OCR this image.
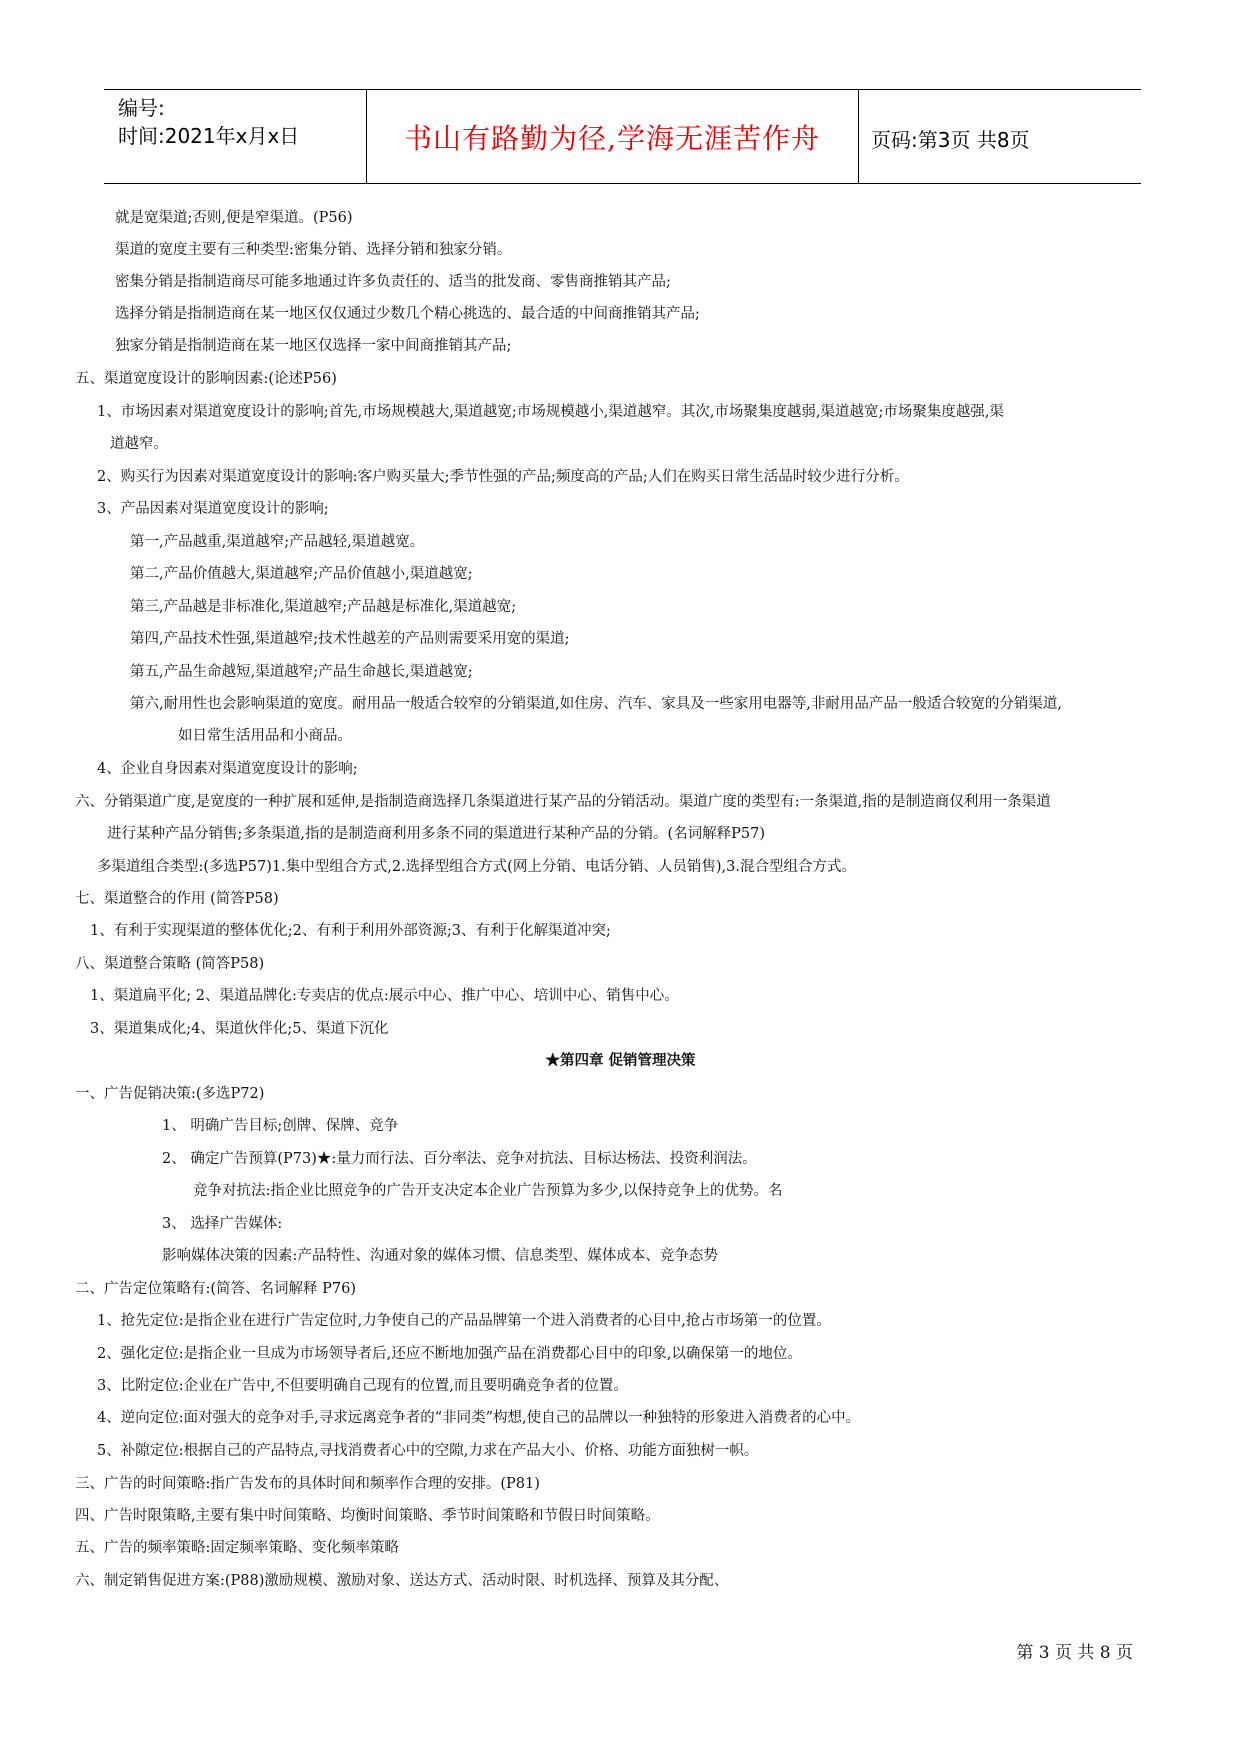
编号:
时间:2021年x月x日	书山有路勤为径,学海无涯苦作舟	页码:第3页 共8页
就是宽渠道;否则,便是窄渠道。(P56)
渠道的宽度主要有三种类型:密集分销、选择分销和独家分销。
密集分销是指制造商尽可能多地通过许多负责任的、适当的批发商、零售商推销其产品;
选择分销是指制造商在某一地区仅仅通过少数几个精心挑选的、最合适的中间商推销其产品;
独家分销是指制造商在某一地区仅选择一家中间商推销其产品;
五、渠道宽度设计的影响因素:(论述P56)
1、市场因素对渠道宽度设计的影响;首先,市场规模越大,渠道越宽;市场规模越小,渠道越窄。其次,市场聚集度越弱,渠道越宽;市场聚集度越强,渠
道越窄。
2、购买行为因素对渠道宽度设计的影响:客户购买量大;季节性强的产品;频度高的产品;人们在购买日常生活品时较少进行分析。
3、产品因素对渠道宽度设计的影响;
第一,产品越重,渠道越窄;产品越轻,渠道越宽。
第二,产品价值越大,渠道越窄;产品价值越小,渠道越宽;
第三,产品越是非标准化,渠道越窄;产品越是标准化,渠道越宽;
第四,产品技术性强,渠道越窄;技术性越差的产品则需要采用宽的渠道;
第五,产品生命越短,渠道越窄;产品生命越长,渠道越宽;
第六,耐用性也会影响渠道的宽度。耐用品一般适合较窄的分销渠道,如住房、汽车、家具及一些家用电器等,非耐用品产品一般适合较宽的分销渠道,
如日常生活用品和小商品。
4、企业自身因素对渠道宽度设计的影响;
六、分销渠道广度,是宽度的一种扩展和延伸,是指制造商选择几条渠道进行某产品的分销活动。渠道广度的类型有:一条渠道,指的是制造商仅利用一条渠道
进行某种产品分销售;多条渠道,指的是制造商利用多条不同的渠道进行某种产品的分销。(名词解释P57)
多渠道组合类型:(多选P57)1.集中型组合方式,2.选择型组合方式(网上分销、电话分销、人员销售),3.混合型组合方式。
七、渠道整合的作用 (简答P58)
1、有利于实现渠道的整体优化;2、有利于利用外部资源;3、有利于化解渠道冲突;
八、渠道整合策略 (简答P58)
1、渠道扁平化; 2、渠道品牌化:专卖店的优点:展示中心、推广中心、培训中心、销售中心。
3、渠道集成化;4、渠道伙伴化;5、渠道下沉化
★第四章 促销管理决策
一、广告促销决策:(多选P72)
1、 明确广告目标;创牌、保牌、竞争
2、 确定广告预算(P73)★:量力而行法、百分率法、竞争对抗法、目标达杨法、投资利润法。
竞争对抗法:指企业比照竞争的广告开支决定本企业广告预算为多少,以保持竞争上的优势。名
3、 选择广告媒体:
影响媒体决策的因素:产品特性、沟通对象的媒体习惯、信息类型、媒体成本、竞争态势
二、广告定位策略有:(简答、名词解释 P76)
1、抢先定位:是指企业在进行广告定位时,力争使自己的产品品牌第一个进入消费者的心目中,抢占市场第一的位置。
2、强化定位:是指企业一旦成为市场领导者后,还应不断地加强产品在消费都心目中的印象,以确保第一的地位。
3、比附定位:企业在广告中,不但要明确自己现有的位置,而且要明确竞争者的位置。
4、逆向定位:面对强大的竞争对手,寻求远离竞争者的“非同类”构想,使自己的品牌以一种独特的形象进入消费者的心中。
5、补隙定位:根据自己的产品特点,寻找消费者心中的空隙,力求在产品大小、价格、功能方面独树一帜。
三、广告的时间策略:指广告发布的具体时间和频率作合理的安排。(P81)
四、广告时限策略,主要有集中时间策略、均衡时间策略、季节时间策略和节假日时间策略。
五、广告的频率策略:固定频率策略、变化频率策略
六、制定销售促进方案:(P88)激励规模、激励对象、送达方式、活动时限、时机选择、预算及其分配、
第 3 页 共 8 页
